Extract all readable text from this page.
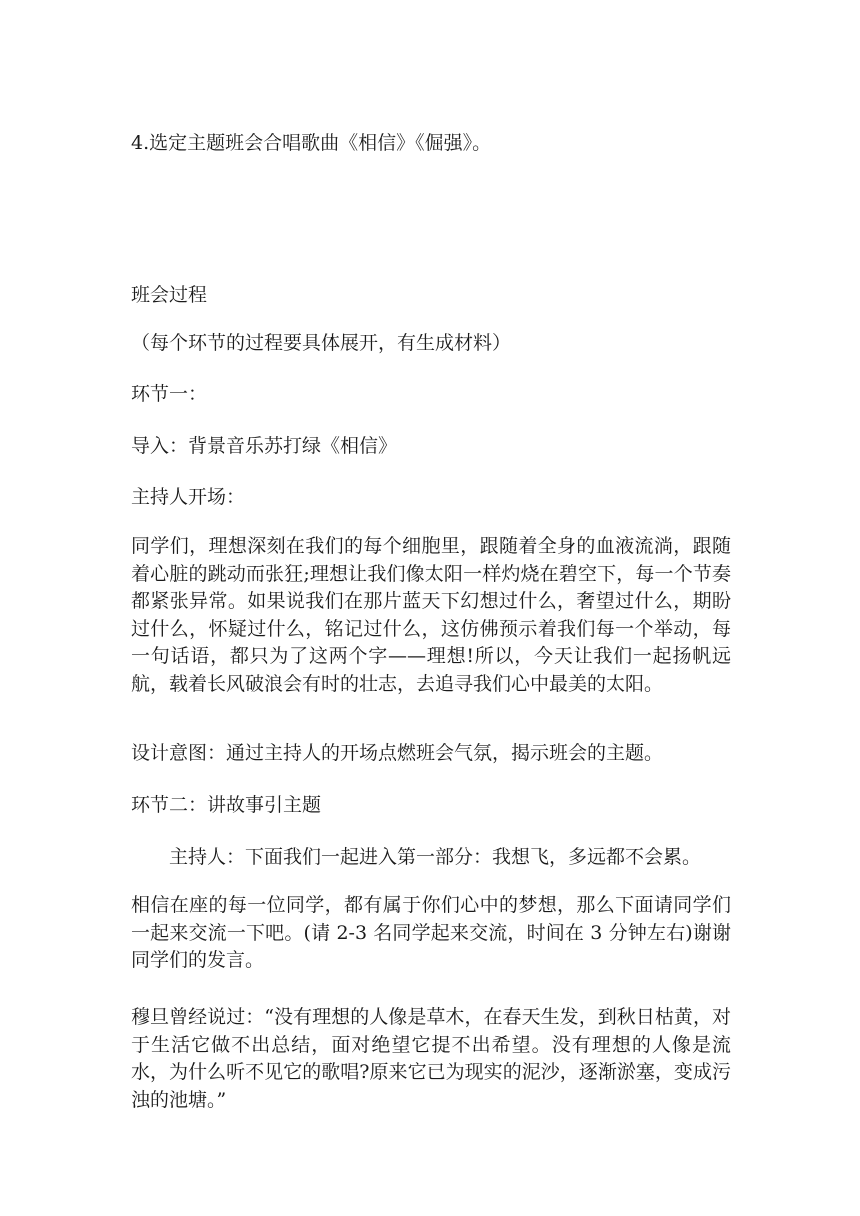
4.选定主题班会合唱歌曲《相信》《倔强》。

班会过程

（每个环节的过程要具体展开，有生成材料）

环节一：

导入：背景音乐苏打绿《相信》

主持人开场：

同学们，理想深刻在我们的每个细胞里，跟随着全身的血液流淌，跟随着心脏的跳动而张狂;理想让我们像太阳一样灼烧在碧空下，每一个节奏都紧张异常。如果说我们在那片蓝天下幻想过什么，奢望过什么，期盼过什么，怀疑过什么，铭记过什么，这仿佛预示着我们每一个举动，每一句话语，都只为了这两个字——理想!所以，今天让我们一起扬帆远航，载着长风破浪会有时的壮志，去追寻我们心中最美的太阳。

设计意图：通过主持人的开场点燃班会气氛，揭示班会的主题。

环节二：讲故事引主题

主持人：下面我们一起进入第一部分：我想飞，多远都不会累。

相信在座的每一位同学，都有属于你们心中的梦想，那么下面请同学们一起来交流一下吧。(请 2-3 名同学起来交流，时间在 3 分钟左右)谢谢同学们的发言。

穆旦曾经说过：“没有理想的人像是草木，在春天生发，到秋日枯黄，对于生活它做不出总结，面对绝望它提不出希望。没有理想的人像是流水，为什么听不见它的歌唱?原来它已为现实的泥沙，逐渐淤塞，变成污浊的池塘。”
